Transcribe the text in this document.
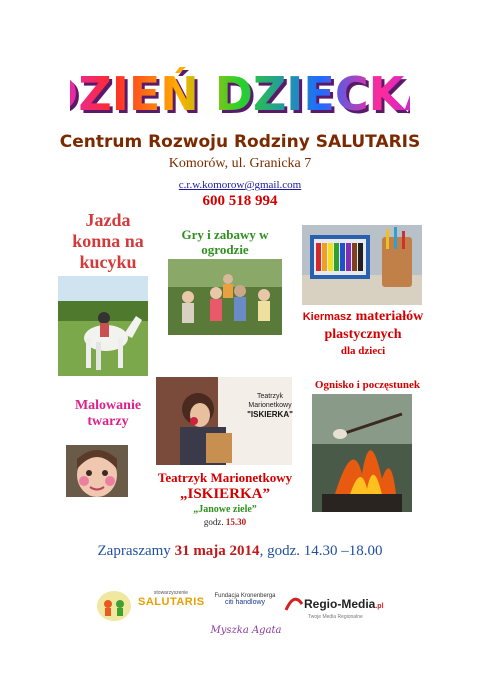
ZIEŃ DZIECK
ZIEŃ DZIECK
Centrum Rozwoju Rodziny SALUTARIS
Komorów, ul. Granicka 7
c.r.w.komorow@gmail.com
600 518 994
Jazda
konna na
kucyku
Gry i zabawy w
ogrodzie
Kiermasz materiałów
plastycznych
dla dzieci
Malowanie
twarzy
Teatrzyk
Marionetkowy
"ISKIERKA"
Teatrzyk Marionetkowy
„ISKIERKA”
„Janowe ziele”
godz. 15.30
Ognisko i poczęstunek
Zapraszamy 31 maja 2014, godz. 14.30 –18.00
stowarzyszenie
SALUTARIS	Fundacja Kronenberga
citi handlowy	Regio-Media.pl
Twoje Media Regionalne
Myszka Agata
